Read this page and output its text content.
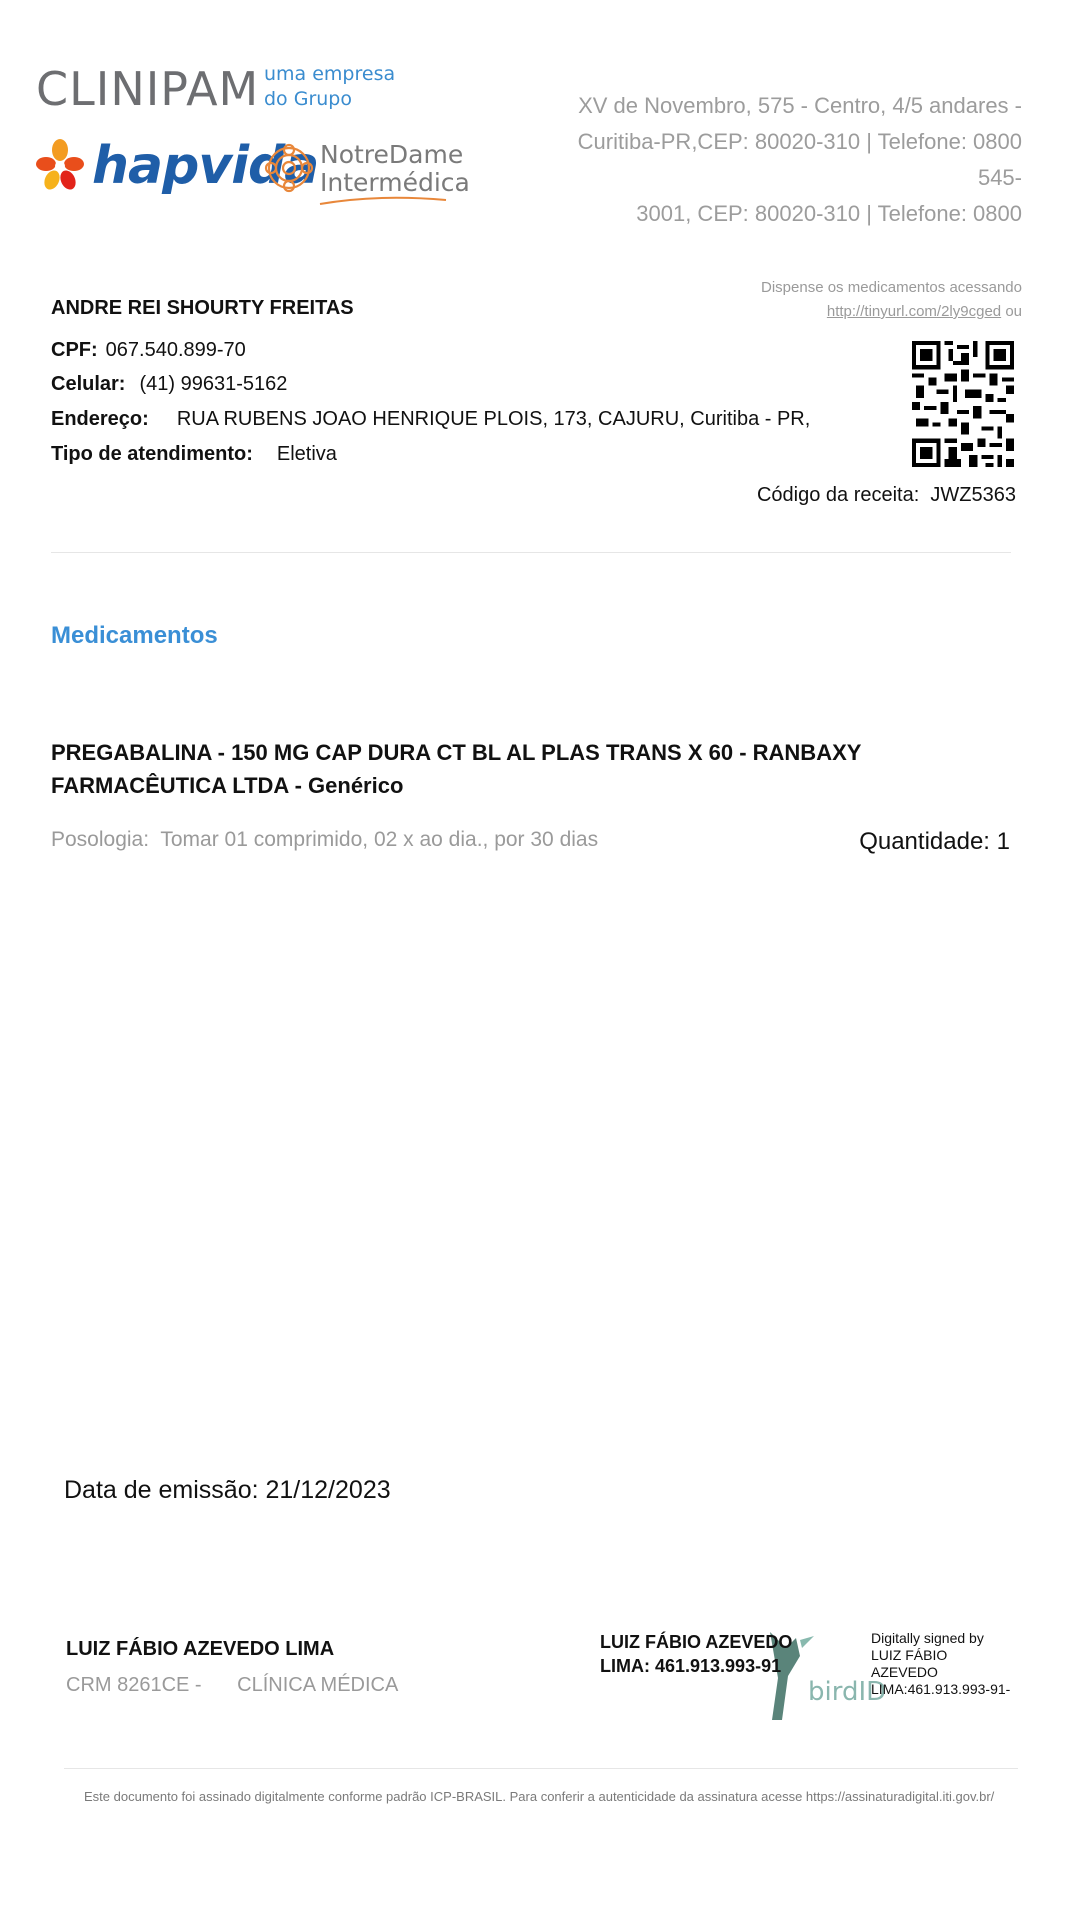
CLINIPAM uma empresa
do Grupo
hapvida NotreDame
Intermédica
XV de Novembro, 575 - Centro, 4/5 andares -
Curitiba-PR,CEP: 80020-310 | Telefone: 0800 545-
3001, CEP: 80020-310 | Telefone: 0800
Dispense os medicamentos acessando
http://tinyurl.com/2ly9cged ou
ANDRE REI SHOURTY FREITAS
CPF: 067.540.899-70
Celular: (41) 99631-5162
Endereço: RUA RUBENS JOAO HENRIQUE PLOIS, 173, CAJURU, Curitiba - PR,
Tipo de atendimento: Eletiva
Código da receita: JWZ5363
Medicamentos
PREGABALINA - 150 MG CAP DURA CT BL AL PLAS TRANS X 60 - RANBAXY FARMACÊUTICA LTDA - Genérico
Posologia: Tomar 01 comprimido, 02 x ao dia., por 30 dias	Quantidade: 1
Data de emissão: 21/12/2023
LUIZ FÁBIO AZEVEDO LIMA
CRM 8261CE - CLÍNICA MÉDICA	birdID
LUIZ FÁBIO AZEVEDO
LIMA: 461.913.993-91
Digitally signed by LUIZ FÁBIO AZEVEDO LIMA:461.913.993-91-
Este documento foi assinado digitalmente conforme padrão ICP-BRASIL. Para conferir a autenticidade da assinatura acesse https://assinaturadigital.iti.gov.br/
